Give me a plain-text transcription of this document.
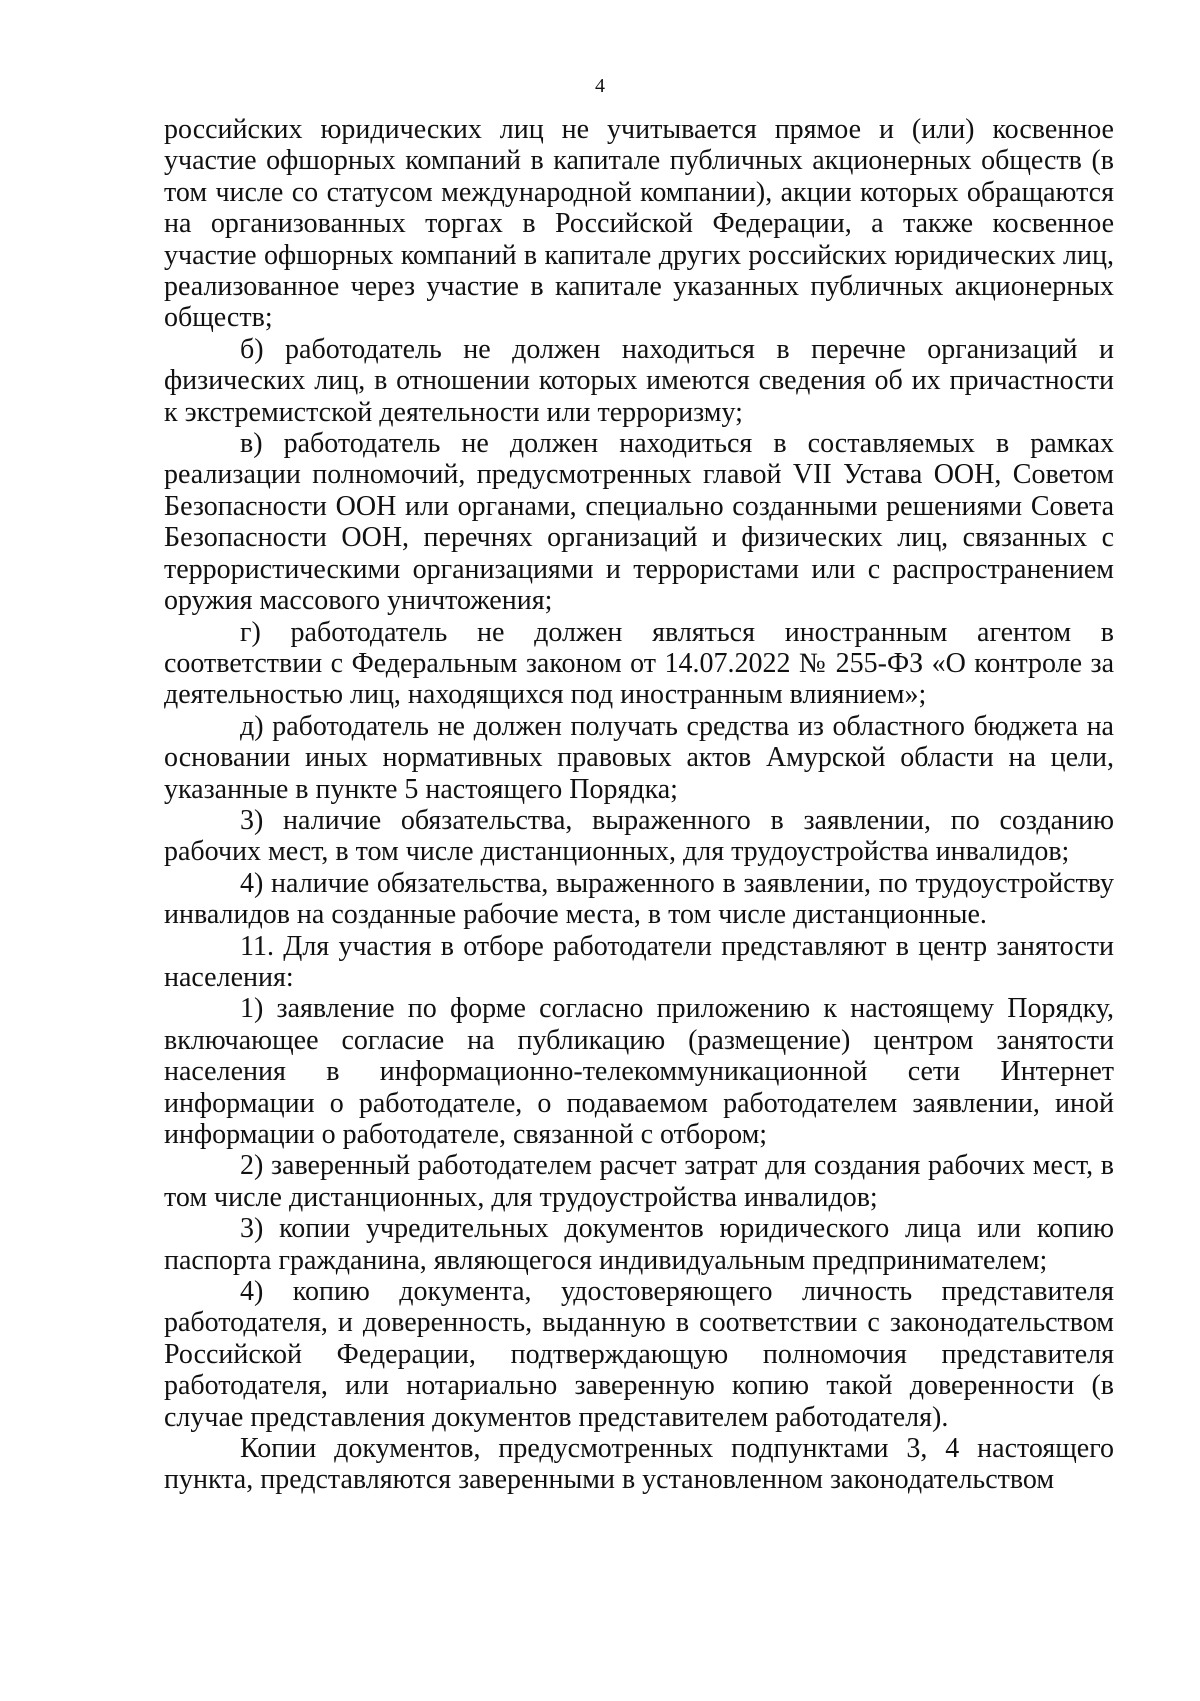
4

российских юридических лиц не учитывается прямое и (или) косвенное участие офшорных компаний в капитале публичных акционерных обществ (в том числе со статусом международной компании), акции которых обращаются на организованных торгах в Российской Федерации, а также косвенное участие офшорных компаний в капитале других российских юридических лиц, реализованное через участие в капитале указанных публичных акционерных обществ;

б) работодатель не должен находиться в перечне организаций и физических лиц, в отношении которых имеются сведения об их причастности к экстремистской деятельности или терроризму;

в) работодатель не должен находиться в составляемых в рамках реализации полномочий, предусмотренных главой VII Устава ООН, Советом Безопасности ООН или органами, специально созданными решениями Совета Безопасности ООН, перечнях организаций и физических лиц, связанных с террористическими организациями и террористами или с распространением оружия массового уничтожения;

г) работодатель не должен являться иностранным агентом в соответствии с Федеральным законом от 14.07.2022 № 255-ФЗ «О контроле за деятельностью лиц, находящихся под иностранным влиянием»;

д) работодатель не должен получать средства из областного бюджета на основании иных нормативных правовых актов Амурской области на цели, указанные в пункте 5 настоящего Порядка;

3) наличие обязательства, выраженного в заявлении, по созданию рабочих мест, в том числе дистанционных, для трудоустройства инвалидов;

4) наличие обязательства, выраженного в заявлении, по трудоустройству инвалидов на созданные рабочие места, в том числе дистанционные.

11. Для участия в отборе работодатели представляют в центр занятости населения:

1) заявление по форме согласно приложению к настоящему Порядку, включающее согласие на публикацию (размещение) центром занятости населения в информационно-телекоммуникационной сети Интернет информации о работодателе, о подаваемом работодателем заявлении, иной информации о работодателе, связанной с отбором;

2) заверенный работодателем расчет затрат для создания рабочих мест, в том числе дистанционных, для трудоустройства инвалидов;

3) копии учредительных документов юридического лица или копию паспорта гражданина, являющегося индивидуальным предпринимателем;

4) копию документа, удостоверяющего личность представителя работодателя, и доверенность, выданную в соответствии с законодательством Российской Федерации, подтверждающую полномочия представителя работодателя, или нотариально заверенную копию такой доверенности (в случае представления документов представителем работодателя).

Копии документов, предусмотренных подпунктами 3, 4 настоящего пункта, представляются заверенными в установленном законодательством
